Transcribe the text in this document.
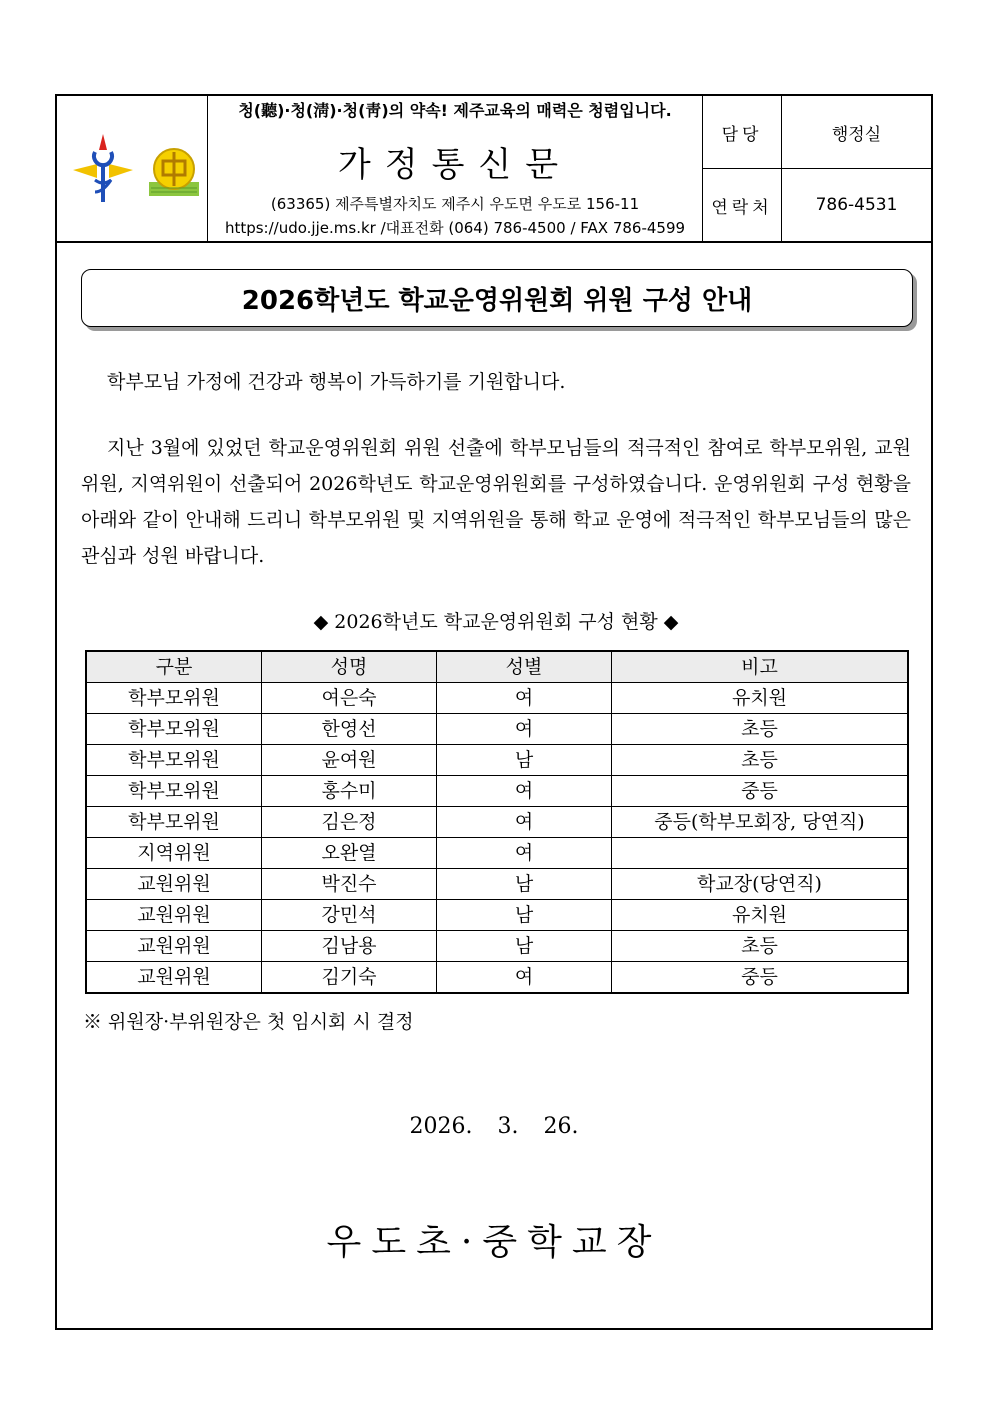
청(聽)·청(淸)·청(靑)의 약속! 제주교육의 매력은 청렴입니다.
가정통신문
(63365) 제주특별자치도 제주시 우도면 우도로 156-11
https://udo.jje.ms.kr /대표전화 (064) 786-4500 / FAX 786-4599
담당	행정실
연락처	786-4531
2026학년도 학교운영위원회 위원 구성 안내
학부모님 가정에 건강과 행복이 가득하기를 기원합니다.
지난 3월에 있었던 학교운영위원회 위원 선출에 학부모님들의 적극적인 참여로 학부모위원, 교원위원, 지역위원이 선출되어 2026학년도 학교운영위원회를 구성하였습니다. 운영위원회 구성 현황을 아래와 같이 안내해 드리니 학부모위원 및 지역위원을 통해 학교 운영에 적극적인 학부모님들의 많은 관심과 성원 바랍니다.
◆ 2026학년도 학교운영위원회 구성 현황 ◆
구분	성명	성별	비고
학부모위원	여은숙	여	유치원
학부모위원	한영선	여	초등
학부모위원	윤여원	남	초등
학부모위원	홍수미	여	중등
학부모위원	김은정	여	중등(학부모회장, 당연직)
지역위원	오완열	여	
교원위원	박진수	남	학교장(당연직)
교원위원	강민석	남	유치원
교원위원	김남용	남	초등
교원위원	김기숙	여	중등
※ 위원장·부위원장은 첫 임시회 시 결정
2026. 3. 26.
우도초·중학교장
